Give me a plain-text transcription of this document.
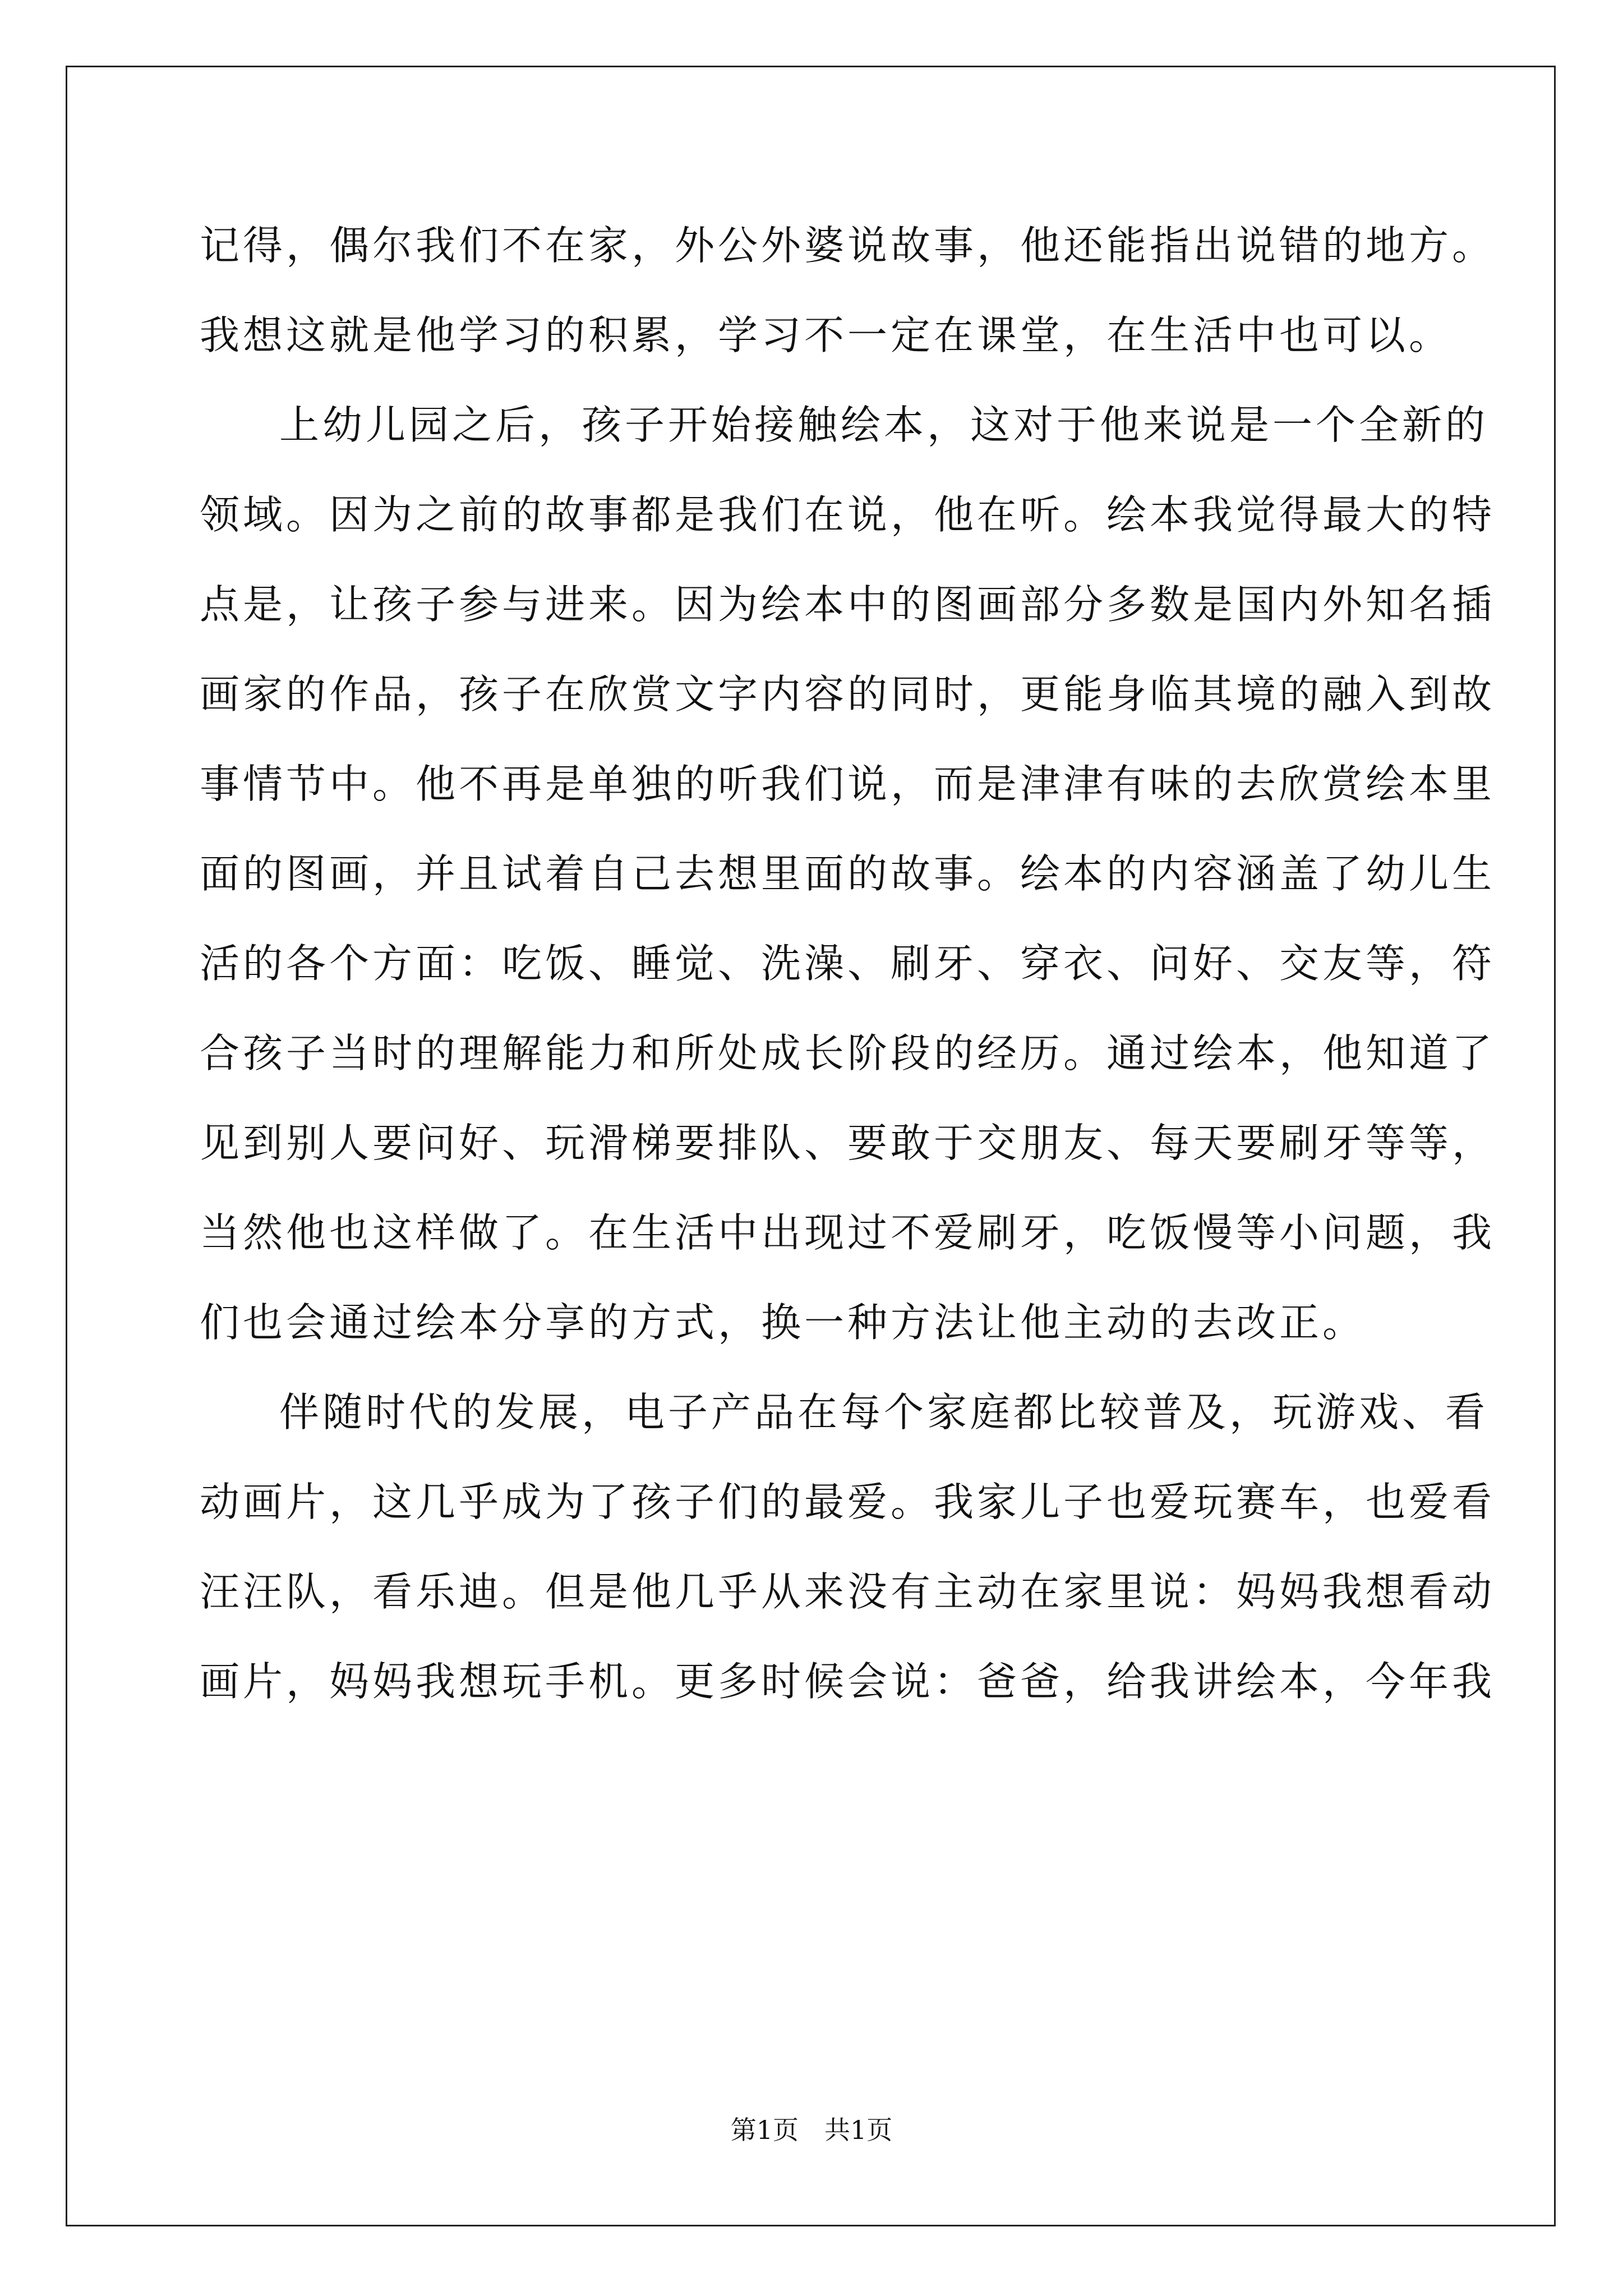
记得，偶尔我们不在家，外公外婆说故事，他还能指出说错的地方。
我想这就是他学习的积累，学习不一定在课堂，在生活中也可以。
上幼儿园之后，孩子开始接触绘本，这对于他来说是一个全新的
领域。因为之前的故事都是我们在说，他在听。绘本我觉得最大的特
点是，让孩子参与进来。因为绘本中的图画部分多数是国内外知名插
画家的作品，孩子在欣赏文字内容的同时，更能身临其境的融入到故
事情节中。他不再是单独的听我们说，而是津津有味的去欣赏绘本里
面的图画，并且试着自己去想里面的故事。绘本的内容涵盖了幼儿生
活的各个方面：吃饭、睡觉、洗澡、刷牙、穿衣、问好、交友等，符
合孩子当时的理解能力和所处成长阶段的经历。通过绘本，他知道了
见到别人要问好、玩滑梯要排队、要敢于交朋友、每天要刷牙等等，
当然他也这样做了。在生活中出现过不爱刷牙，吃饭慢等小问题，我
们也会通过绘本分享的方式，换一种方法让他主动的去改正。
伴随时代的发展，电子产品在每个家庭都比较普及，玩游戏、看
动画片，这几乎成为了孩子们的最爱。我家儿子也爱玩赛车，也爱看
汪汪队，看乐迪。但是他几乎从来没有主动在家里说：妈妈我想看动
画片，妈妈我想玩手机。更多时候会说：爸爸，给我讲绘本，今年我
第1页　共1页
